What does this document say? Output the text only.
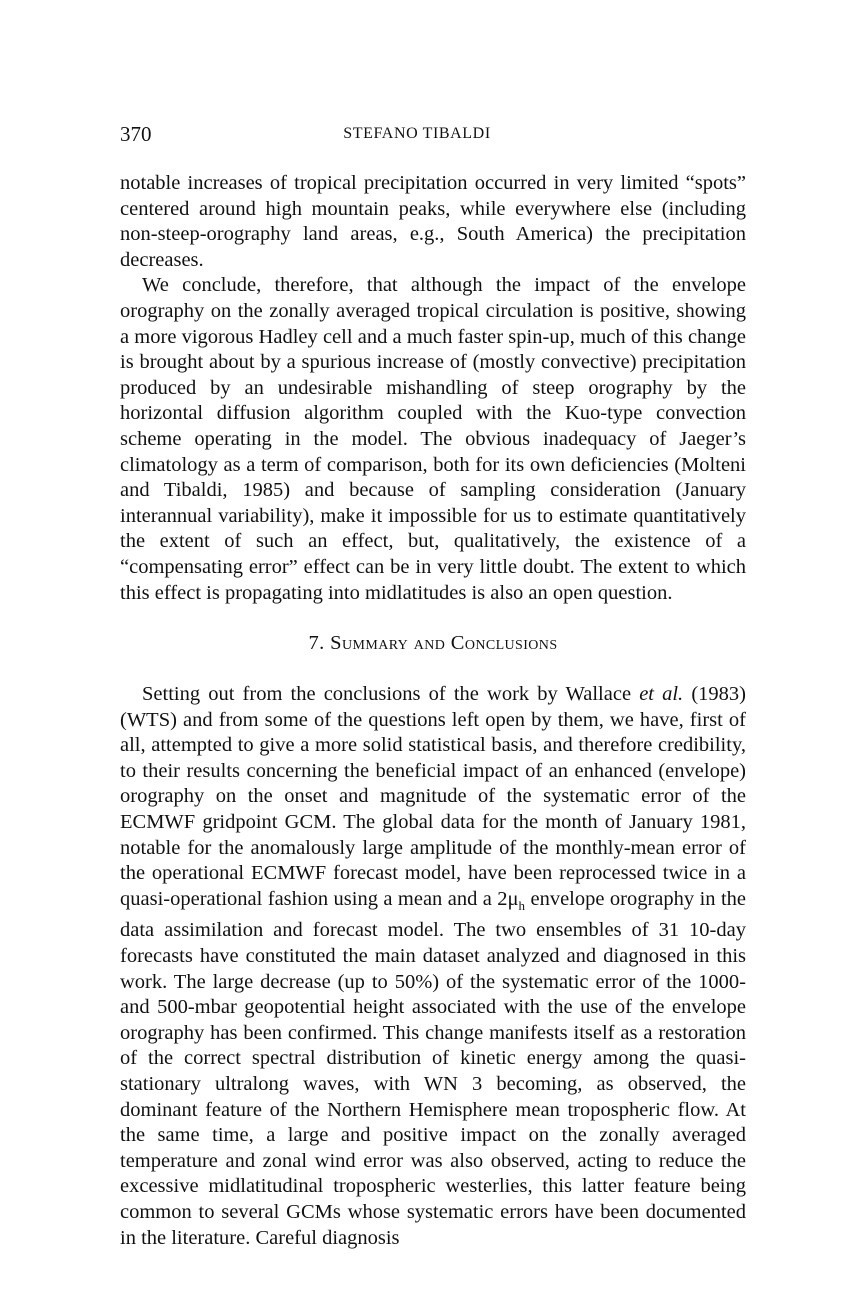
370	STEFANO TIBALDI

notable increases of tropical precipitation occurred in very limited “spots” centered around high mountain peaks, while everywhere else (including non-steep-orography land areas, e.g., South America) the precipitation decreases.

We conclude, therefore, that although the impact of the envelope orography on the zonally averaged tropical circulation is positive, showing a more vigorous Hadley cell and a much faster spin-up, much of this change is brought about by a spurious increase of (mostly convective) precipitation produced by an undesirable mishandling of steep orography by the horizontal diffusion algorithm coupled with the Kuo-type convection scheme operating in the model. The obvious inadequacy of Jaeger’s climatology as a term of comparison, both for its own deficiencies (Molteni and Tibaldi, 1985) and because of sampling consideration (January interannual variability), make it impossible for us to estimate quantitatively the extent of such an effect, but, qualitatively, the existence of a “compensating error” effect can be in very little doubt. The extent to which this effect is propagating into midlatitudes is also an open question.

7. Summary and Conclusions

Setting out from the conclusions of the work by Wallace et al. (1983) (WTS) and from some of the questions left open by them, we have, first of all, attempted to give a more solid statistical basis, and therefore credibility, to their results concerning the beneficial impact of an enhanced (envelope) orography on the onset and magnitude of the systematic error of the ECMWF gridpoint GCM. The global data for the month of January 1981, notable for the anomalously large amplitude of the monthly-mean error of the operational ECMWF forecast model, have been reprocessed twice in a quasi-operational fashion using a mean and a $2\mu_h$ envelope orography in the data assimilation and forecast model. The two ensembles of 31 10-day forecasts have constituted the main dataset analyzed and diagnosed in this work. The large decrease (up to 50%) of the systematic error of the 1000- and 500-mbar geopotential height associated with the use of the envelope orography has been confirmed. This change manifests itself as a restoration of the correct spectral distribution of kinetic energy among the quasi-stationary ultralong waves, with WN 3 becoming, as observed, the dominant feature of the Northern Hemisphere mean tropospheric flow. At the same time, a large and positive impact on the zonally averaged temperature and zonal wind error was also observed, acting to reduce the excessive midlatitudinal tropospheric westerlies, this latter feature being common to several GCMs whose systematic errors have been documented in the literature. Careful diagnosis
